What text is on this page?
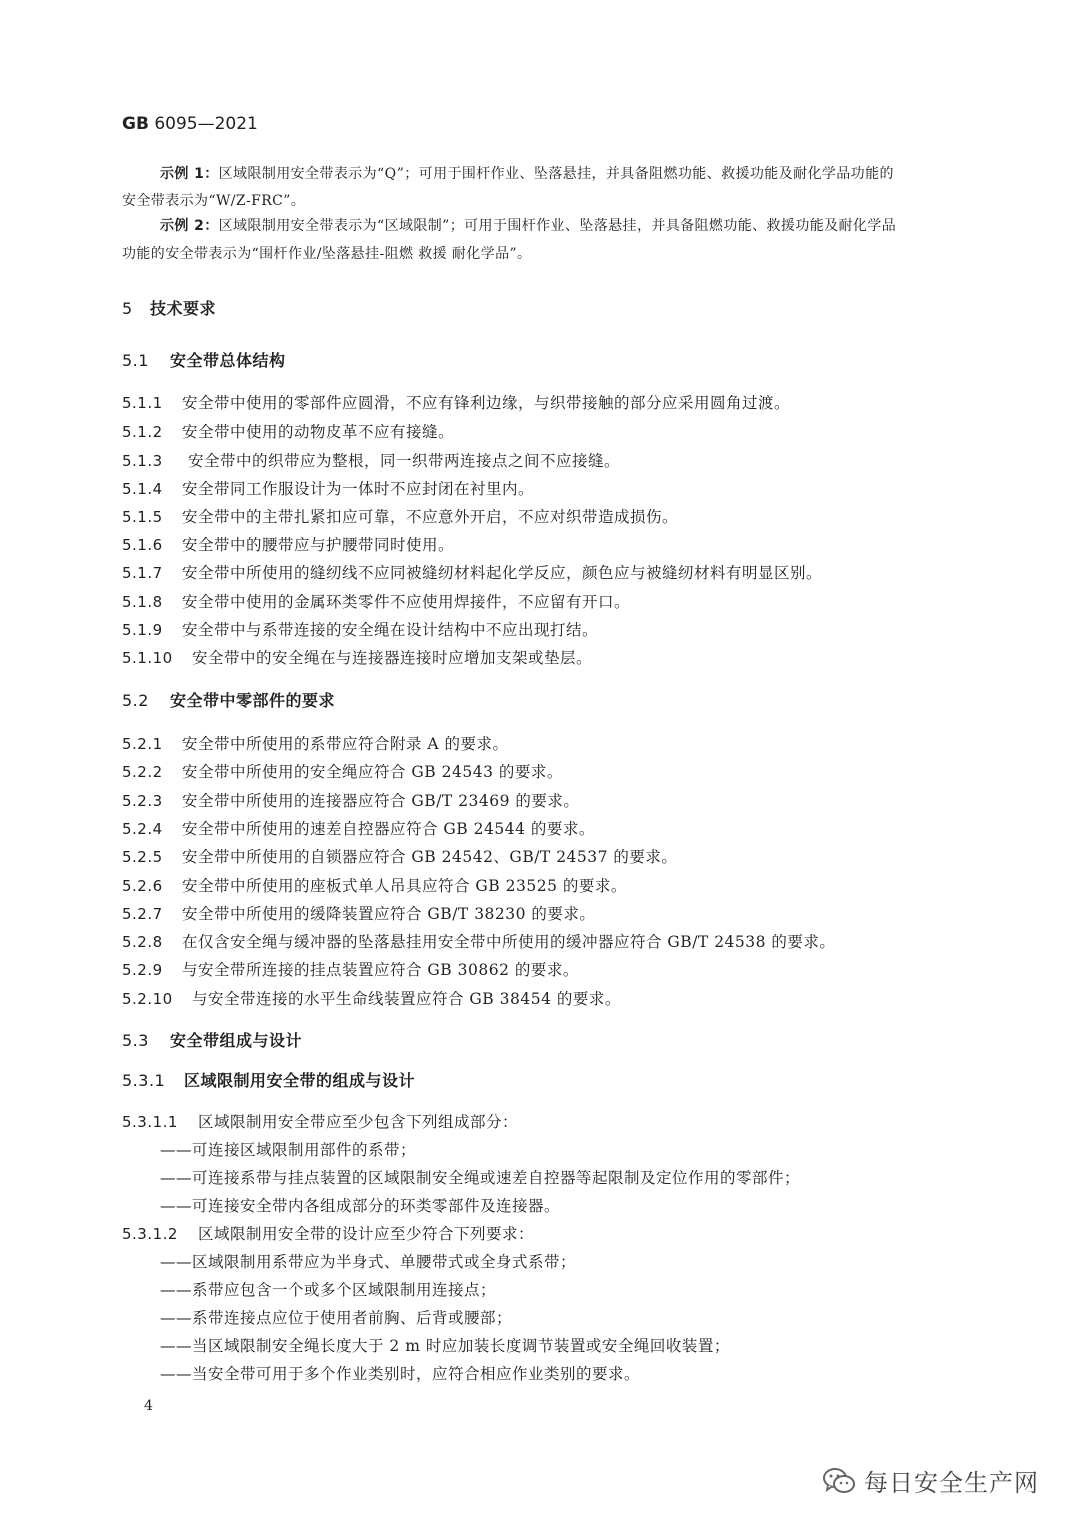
GB 6095—2021
示例 1：区域限制用安全带表示为“Q”；可用于围杆作业、坠落悬挂，并具备阻燃功能、救援功能及耐化学品功能的
安全带表示为“W/Z-FRC”。
示例 2：区域限制用安全带表示为“区域限制”；可用于围杆作业、坠落悬挂，并具备阻燃功能、救援功能及耐化学品
功能的安全带表示为“围杆作业/坠落悬挂-阻燃 救援 耐化学品”。
5 技术要求
5.1 安全带总体结构
5.1.1 安全带中使用的零部件应圆滑，不应有锋利边缘，与织带接触的部分应采用圆角过渡。
5.1.2 安全带中使用的动物皮革不应有接缝。
5.1.3 安全带中的织带应为整根，同一织带两连接点之间不应接缝。
5.1.4 安全带同工作服设计为一体时不应封闭在衬里内。
5.1.5 安全带中的主带扎紧扣应可靠，不应意外开启，不应对织带造成损伤。
5.1.6 安全带中的腰带应与护腰带同时使用。
5.1.7 安全带中所使用的缝纫线不应同被缝纫材料起化学反应，颜色应与被缝纫材料有明显区别。
5.1.8 安全带中使用的金属环类零件不应使用焊接件，不应留有开口。
5.1.9 安全带中与系带连接的安全绳在设计结构中不应出现打结。
5.1.10 安全带中的安全绳在与连接器连接时应增加支架或垫层。
5.2 安全带中零部件的要求
5.2.1 安全带中所使用的系带应符合附录 A 的要求。
5.2.2 安全带中所使用的安全绳应符合 GB 24543 的要求。
5.2.3 安全带中所使用的连接器应符合 GB/T 23469 的要求。
5.2.4 安全带中所使用的速差自控器应符合 GB 24544 的要求。
5.2.5 安全带中所使用的自锁器应符合 GB 24542、GB/T 24537 的要求。
5.2.6 安全带中所使用的座板式单人吊具应符合 GB 23525 的要求。
5.2.7 安全带中所使用的缓降装置应符合 GB/T 38230 的要求。
5.2.8 在仅含安全绳与缓冲器的坠落悬挂用安全带中所使用的缓冲器应符合 GB/T 24538 的要求。
5.2.9 与安全带所连接的挂点装置应符合 GB 30862 的要求。
5.2.10 与安全带连接的水平生命线装置应符合 GB 38454 的要求。
5.3 安全带组成与设计
5.3.1 区域限制用安全带的组成与设计
5.3.1.1 区域限制用安全带应至少包含下列组成部分：
——可连接区域限制用部件的系带；
——可连接系带与挂点装置的区域限制安全绳或速差自控器等起限制及定位作用的零部件；
——可连接安全带内各组成部分的环类零部件及连接器。
5.3.1.2 区域限制用安全带的设计应至少符合下列要求：
——区域限制用系带应为半身式、单腰带式或全身式系带；
——系带应包含一个或多个区域限制用连接点；
——系带连接点应位于使用者前胸、后背或腰部；
——当区域限制安全绳长度大于 2 m 时应加装长度调节装置或安全绳回收装置；
——当安全带可用于多个作业类别时，应符合相应作业类别的要求。
4
每日安全生产网
